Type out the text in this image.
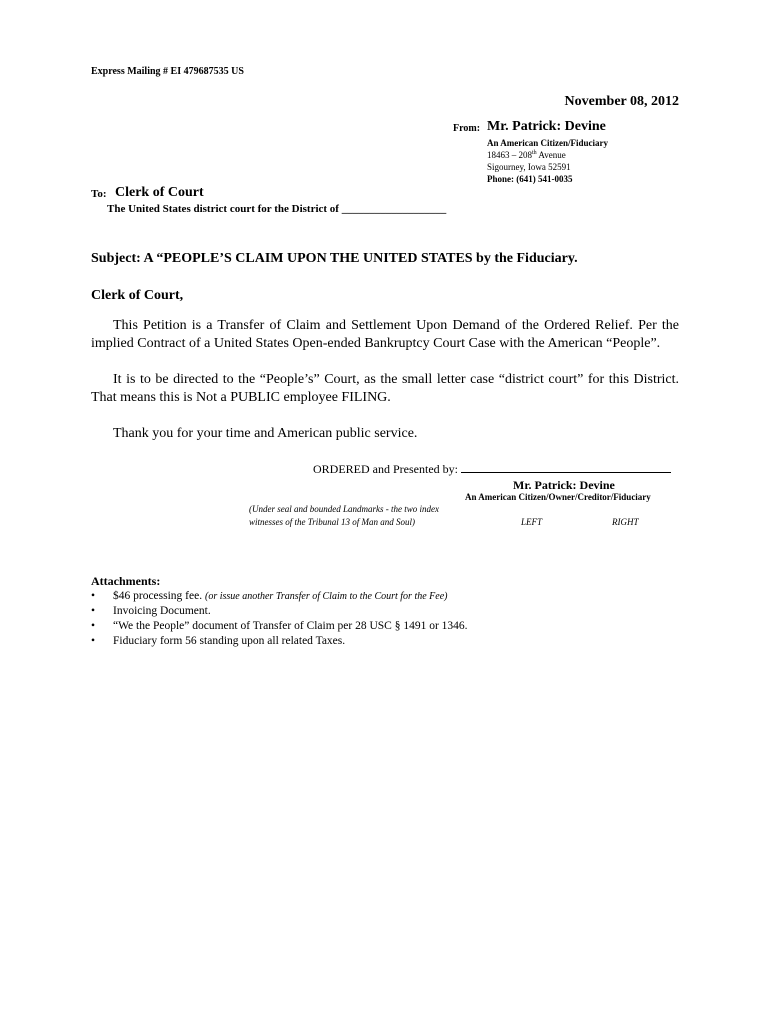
Express Mailing # EI 479687535 US
November 08, 2012
From: Mr. Patrick: Devine
An American Citizen/Fiduciary
18463 – 208th Avenue
Sigourney, Iowa 52591
Phone: (641) 541-0035
To: Clerk of Court
The United States district court for the District of ___________________
Subject: A “PEOPLE’S CLAIM UPON THE UNITED STATES by the Fiduciary.
Clerk of Court,
This Petition is a Transfer of Claim and Settlement Upon Demand of the Ordered Relief. Per the implied Contract of a United States Open-ended Bankruptcy Court Case with the American “People”.
It is to be directed to the “People’s” Court, as the small letter case “district court” for this District. That means this is Not a PUBLIC employee FILING.
Thank you for your time and American public service.
ORDERED and Presented by:
Mr. Patrick: Devine
An American Citizen/Owner/Creditor/Fiduciary
(Under seal and bounded Landmarks - the two index
witnesses of the Tribunal 13 of Man and Soul)	LEFT	RIGHT
Attachments:
• $46 processing fee. (or issue another Transfer of Claim to the Court for the Fee)
• Invoicing Document.
• “We the People” document of Transfer of Claim per 28 USC § 1491 or 1346.
• Fiduciary form 56 standing upon all related Taxes.
